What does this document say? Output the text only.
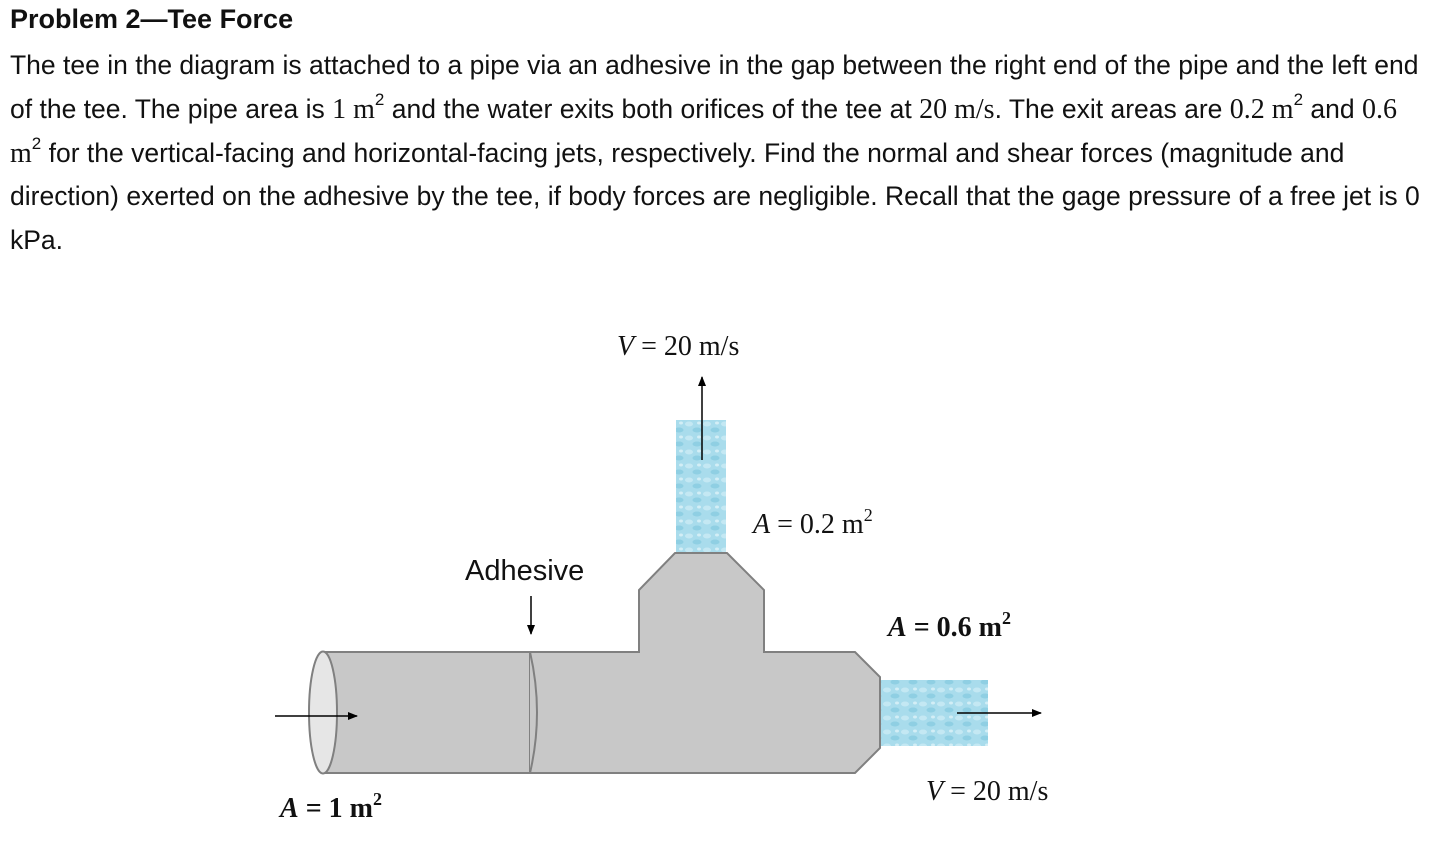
Problem 2—Tee Force
The tee in the diagram is attached to a pipe via an adhesive in the gap between the right end of the pipe and the left end of the tee. The pipe area is 1 $m^2$ and the water exits both orifices of the tee at 20 m/s. The exit areas are 0.2 $m^2$ and 0.6 $m^2$ for the vertical-facing and horizontal-facing jets, respectively. Find the normal and shear forces (magnitude and direction) exerted on the adhesive by the tee, if body forces are negligible. Recall that the gage pressure of a free jet is 0 kPa.
V = 20 m/s
A = 0.2 $m^2$
Adhesive
A = 0.6 $m^2$
V = 20 m/s
A = 1 $m^2$
